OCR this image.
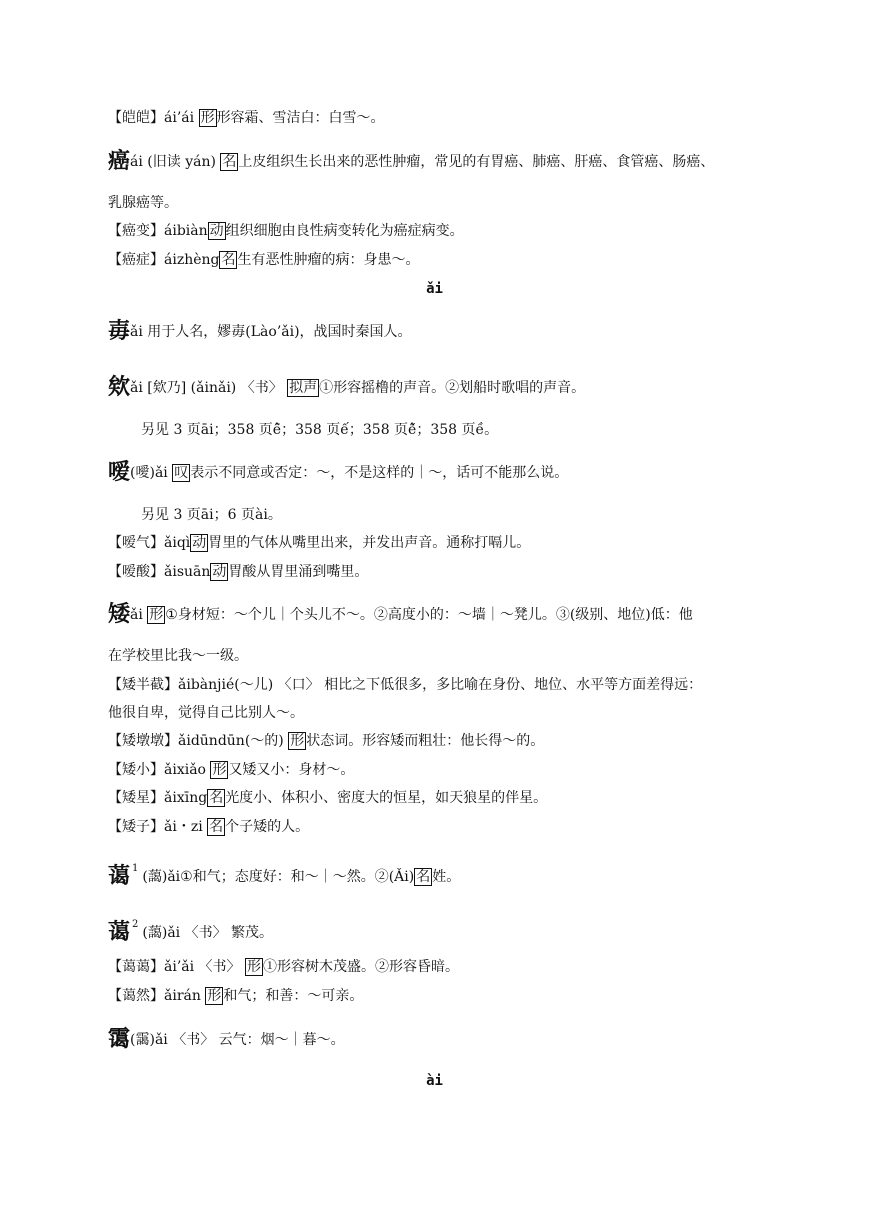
【皑皑】ái’ái 形 形容霜、雪洁白：白雪～。
癌ái (旧读 yán) 名 上皮组织生长出来的恶性肿瘤，常见的有胃癌、肺癌、肝癌、食管癌、肠癌、
乳腺癌等。
【癌变】áibiàn 动 组织细胞由良性病变转化为癌症病变。
【癌症】áizhèng 名 生有恶性肿瘤的病：身患～。
ǎi
毐ǎi 用于人名，嫪毐(Lào’ǎi)，战国时秦国人。
欸ǎi [欸乃] (ǎinǎi) 〈书〉 拟声 ①形容摇橹的声音。②划船时歌唱的声音。
另见 3 页āi；358 页ê̄；358 页ế；358 页ê̌；358 页ề。
嗳(噯)ǎi 叹 表示不同意或否定：～，不是这样的｜～，话可不能那么说。
另见 3 页āi；6 页ài。
【嗳气】ǎiqì 动 胃里的气体从嘴里出来，并发出声音。通称打嗝儿。
【嗳酸】ǎisuān 动 胃酸从胃里涌到嘴里。
矮ǎi 形 ①身材短：～个儿｜个头儿不～。②高度小的：～墙｜～凳儿。③(级别、地位)低：他
在学校里比我～一级。
【矮半截】ǎibànjié(～儿) 〈口〉 相比之下低很多，多比喻在身份、地位、水平等方面差得远：
他很自卑，觉得自己比别人～。
【矮墩墩】ǎidūndūn(～的) 形 状态词。形容矮而粗壮：他长得～的。
【矮小】ǎixiǎo 形 又矮又小：身材～。
【矮星】ǎixīng 名 光度小、体积小、密度大的恒星，如天狼星的伴星。
【矮子】ǎi・zi 名 个子矮的人。
蔼 $^1$(藹)ǎi①和气；态度好：和～｜～然。②(Ǎi) 名 姓。
蔼 $^2$(藹)ǎi 〈书〉 繁茂。
【蔼蔼】ǎi’ǎi 〈书〉 形 ①形容树木茂盛。②形容昏暗。
【蔼然】ǎirán 形 和气；和善：～可亲。
霭(靄)ǎi 〈书〉 云气：烟～｜暮～。
ài
